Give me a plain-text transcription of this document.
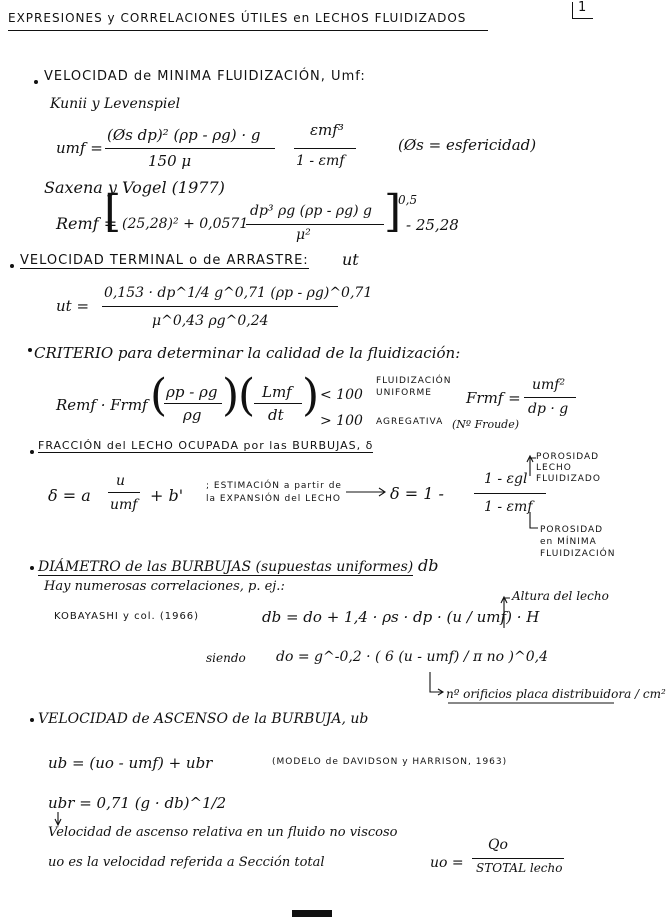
EXPRESIONES y CORRELACIONES ÚTILES en LECHOS FLUIDIZADOS
1
VELOCIDAD de MINIMA FLUIDIZACIÓN, Umf:
Kunii y Levenspiel
umf =
(Øs dp)² (ρp - ρg) · g
150 μ
εmf³
1 - εmf
(Øs = esfericidad)
Saxena y Vogel (1977)
Remf =
[ (25,28)² + 0,0571
dp³ ρg (ρp - ρg) g
μ² ]
0,5
- 25,28
VELOCIDAD TERMINAL o de ARRASTRE: ut
ut =
0,153 · dp^1/4 g^0,71 (ρp - ρg)^0,71
μ^0,43 ρg^0,24
CRITERIO para determinar la calidad de la fluidización:
Remf · Frmf (
ρp - ρg
ρg )
( Lmf
dt ) < 100
FLUIDIZACIÓN UNIFORME
> 100 AGREGATIVA
Frmf =
umf²
dp · g
(Nº Froude)
FRACCIÓN del LECHO OCUPADA por las BURBUJAS, δ
δ = a
u
umf + b'	; ESTIMACIÓN a partir de la EXPANSIÓN del LECHO	δ = 1 -
1 - εgl
1 - εmf
POROSIDAD LECHO FLUIDIZADO
POROSIDAD en MÍNIMA FLUIDIZACIÓN
DIÁMETRO de las BURBUJAS (supuestas uniformes) db
Hay numerosas correlaciones, p. ej.:
KOBAYASHI y col. (1966)	db = do + 1,4 · ρs · dp · (u / umf) · H
Altura del lecho
siendo do = g^-0,2 · ( 6 (u - umf) / π no )^0,4
nº orificios placa distribuidora / cm²
VELOCIDAD de ASCENSO de la BURBUJA, ub
ub = (uo - umf) + ubr	(MODELO de DAVIDSON y HARRISON, 1963)
ubr = 0,71 (g · db)^1/2
Velocidad de ascenso relativa en un fluido no viscoso
uo es la velocidad referida a Sección total	uo =
Qo
STOTAL lecho
